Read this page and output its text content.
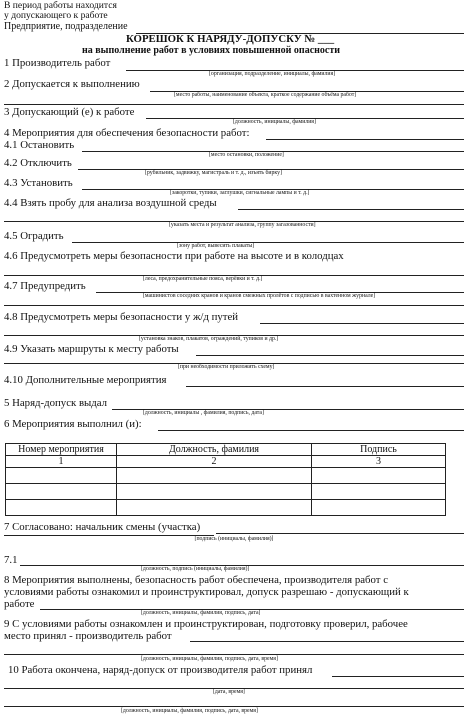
В период работы находится
у допускающего к работе
Предприятие, подразделение
КОРЕШОК К НАРЯДУ-ДОПУСКУ № ___
на выполнение работ в условиях повышенной опасности
1 Производитель работ
[организация, подразделение, инициалы, фамилия]
2 Допускается к выполнению
[место работы, наименование объекта, краткое содержание объёма работ]
3 Допускающий (е) к работе
[должность, инициалы, фамилия]
4 Мероприятия для обеспечения безопасности работ:
4.1 Остановить
[место остановки, положение]
4.2 Отключить
[рубильник, задвижку, магистраль и т. д., изъять бирку]
4.3 Установить
[закоротки, тупики, заглушки, сигнальные лампы и т. д.]
4.4 Взять пробу для анализа воздушной среды
[указать места и результат анализа, группу загазованности]
4.5 Оградить
[зону работ, вывесить плакаты]
4.6 Предусмотреть меры безопасности при работе на высоте и в колодцах
[леса, предохранительные пояса, верёвки и т. д.]
4.7 Предупредить
[машинистов соседних кранов и кранов смежных пролётов с подписью в вахтенном журнале]
4.8 Предусмотреть меры безопасности у ж/д путей
[установка знаков, плакатов, ограждений, тупиков и др.]
4.9 Указать маршруты к месту работы
[при необходимости приложить схему]
4.10 Дополнительные мероприятия
5 Наряд-допуск выдал
[должность, инициалы , фамилия, подпись, дата]
6 Мероприятия выполнил (и):
Номер мероприятия	Должность, фамилия	Подпись
1	2	3

7 Согласовано: начальник смены (участка)
[подпись (инициалы, фамилия)]
7.1
[должность, подпись (инициалы, фамилия)]
8 Мероприятия выполнены, безопасность работ обеспечена, производителя работ с
условиями работы ознакомил и проинструктировал, допуск разрешаю - допускающий к
работе
[должность, инициалы, фамилия, подпись, дата]
9 С условиями работы ознакомлен и проинструктирован, подготовку проверил, рабочее
место принял - производитель работ
[должность, инициалы, фамилия, подпись, дата, время]
10 Работа окончена, наряд-допуск от производителя работ принял
[дата, время]
[должность, инициалы, фамилия, подпись, дата, время]
